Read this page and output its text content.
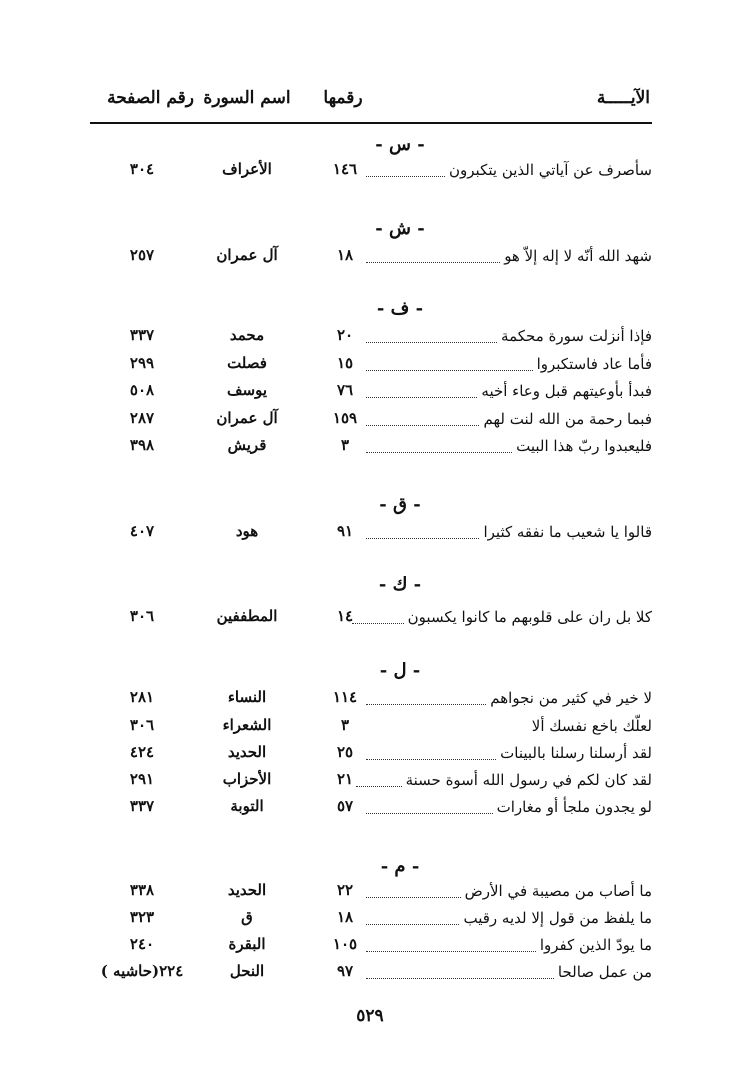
الآيـــــة
رقمها
اسم السورة
رقم الصفحة
- س -
سأصرف عن آياتي الذين يتكبرون
١٤٦
الأعراف
٣٠٤
- ش -
شهد الله أنّه لا إله إلاّ هو
١٨
آل عمران
٢٥٧
- ف -
فإذا أنزلت سورة محكمة
٢٠
محمد
٣٣٧
فأما عاد فاستكبروا
١٥
فصلت
٢٩٩
فبدأ بأوعيتهم قبل وعاء أخيه
٧٦
يوسف
٥٠٨
فبما رحمة من الله لنت لهم
١٥٩
آل عمران
٢٨٧
فليعبدوا ربّ هذا البيت
٣
قريش
٣٩٨
- ق -
قالوا يا شعيب ما نفقه كثيرا
٩١
هود
٤٠٧
- ك -
كلا بل ران على قلوبهم ما كانوا يكسبون
١٤
المطففين
٣٠٦
- ل -
لا خير في كثير من نجواهم
١١٤
النساء
٢٨١
لعلّك باخع نفسك ألا
٣
الشعراء
٣٠٦
لقد أرسلنا رسلنا بالبينات
٢٥
الحديد
٤٢٤
لقد كان لكم في رسول الله أسوة حسنة
٢١
الأحزاب
٢٩١
لو يجدون ملجأ أو مغارات
٥٧
التوبة
٣٣٧
- م -
ما أصاب من مصيبة في الأرض
٢٢
الحديد
٣٣٨
ما يلفظ من قول إلا لديه رقيب
١٨
ق
٣٢٣
ما يودّ الذين كفروا
١٠٥
البقرة
٢٤٠
من عمل صالحا
٩٧
النحل
٢٢٤(حاشيه )
٥٢٩
